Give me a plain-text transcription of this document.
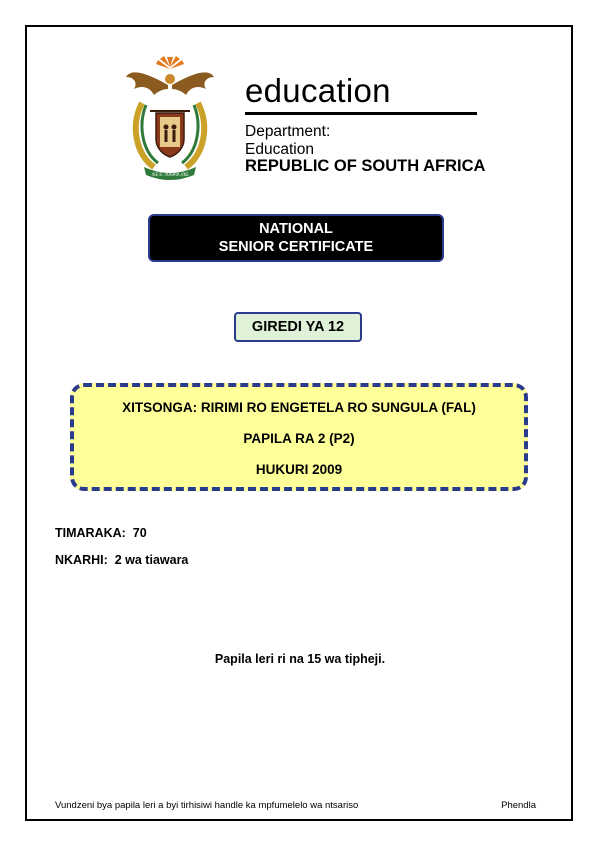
!KE E: /XARRA //KE
education
Department:
Education
REPUBLIC OF SOUTH AFRICA
NATIONAL
SENIOR CERTIFICATE
GIREDI YA 12
XITSONGA: RIRIMI RO ENGETELA RO SUNGULA (FAL)
PAPILA RA 2 (P2)
HUKURI 2009
TIMARAKA: 70
NKARHI: 2 wa tiawara
Papila leri ri na 15 wa tipheji.
Vundzeni bya papila leri a byi tirhisiwi handle ka mpfumelelo wa ntsariso	Phendla
